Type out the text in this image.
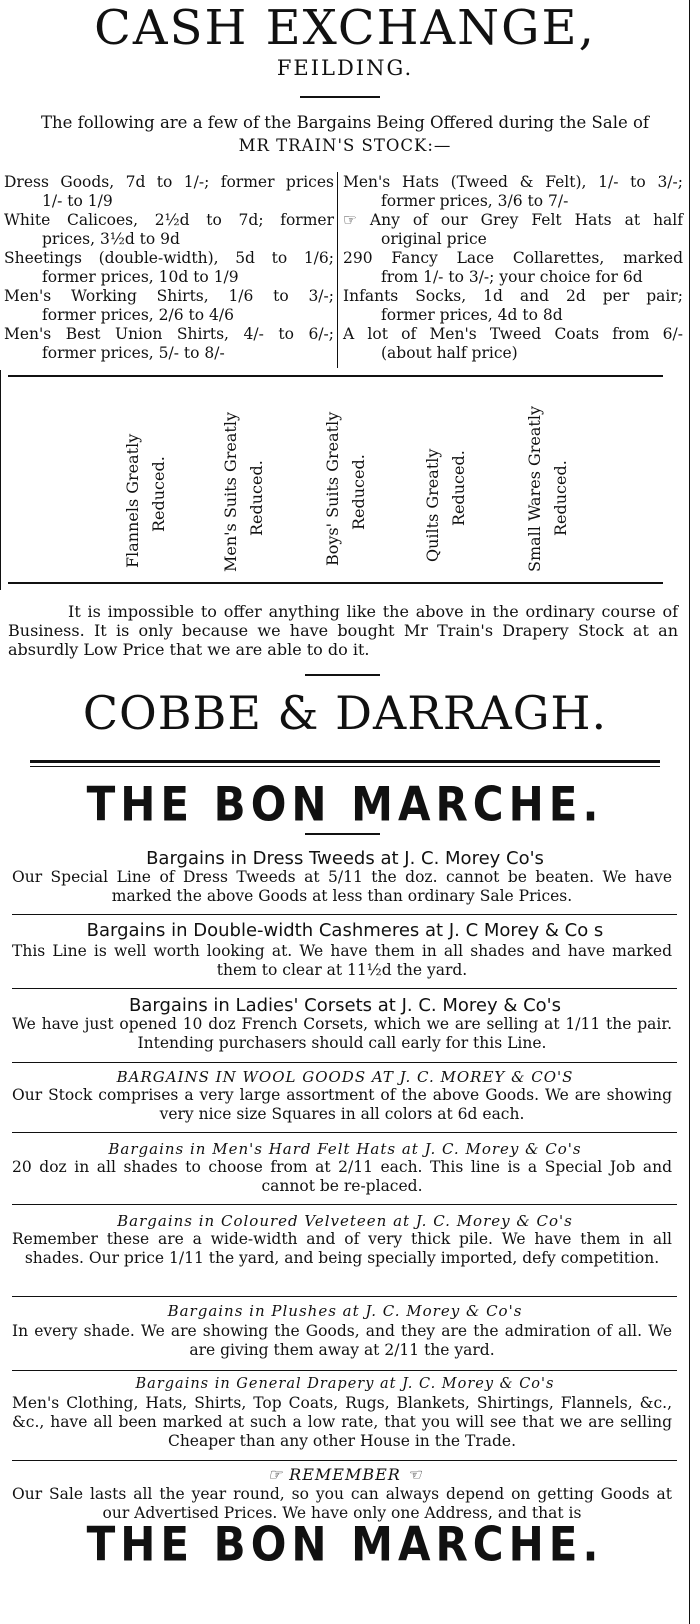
CASH EXCHANGE,
FEILDING.
The following are a few of the Bargains Being Offered during the Sale of
MR TRAIN'S STOCK:—
Dress Goods, 7d to 1/-; former prices
1/- to 1/9
White Calicoes, 2½d to 7d; former
prices, 3½d to 9d
Sheetings (double-width), 5d to 1/6;
former prices, 10d to 1/9
Men's Working Shirts, 1/6 to 3/-;
former prices, 2/6 to 4/6
Men's Best Union Shirts, 4/- to 6/-;
former prices, 5/- to 8/-
Men's Hats (Tweed & Felt), 1/- to 3/-;
former prices, 3/6 to 7/-
☞ Any of our Grey Felt Hats at half
original price
290 Fancy Lace Collarettes, marked
from 1/- to 3/-; your choice for 6d
Infants Socks, 1d and 2d per pair;
former prices, 4d to 8d
A lot of Men's Tweed Coats from 6/-
(about half price)
Flannels Greatly Reduced.	Men's Suits Greatly Reduced.	Boys' Suits Greatly Reduced.	Quilts Greatly Reduced.	Small Wares Greatly Reduced.
It is impossible to offer anything like the above in the ordinary course of Business. It is only because we have bought Mr Train's Drapery Stock at an absurdly Low Price that we are able to do it.
COBBE & DARRAGH.
THE BON MARCHE.
Bargains in Dress Tweeds at J. C. Morey Co's
Our Special Line of Dress Tweeds at 5/11 the doz. cannot be beaten. We have marked the above Goods at less than ordinary Sale Prices.
Bargains in Double-width Cashmeres at J. C Morey & Co s
This Line is well worth looking at. We have them in all shades and have marked them to clear at 11½d the yard.
Bargains in Ladies' Corsets at J. C. Morey & Co's
We have just opened 10 doz French Corsets, which we are selling at 1/11 the pair. Intending purchasers should call early for this Line.
BARGAINS IN WOOL GOODS AT J. C. MOREY & CO'S
Our Stock comprises a very large assortment of the above Goods. We are showing very nice size Squares in all colors at 6d each.
Bargains in Men's Hard Felt Hats at J. C. Morey & Co's
20 doz in all shades to choose from at 2/11 each. This line is a Special Job and cannot be re-placed.
Bargains in Coloured Velveteen at J. C. Morey & Co's
Remember these are a wide-width and of very thick pile. We have them in all shades. Our price 1/11 the yard, and being specially imported, defy competition.
Bargains in Plushes at J. C. Morey & Co's
In every shade. We are showing the Goods, and they are the admiration of all. We are giving them away at 2/11 the yard.
Bargains in General Drapery at J. C. Morey & Co's
Men's Clothing, Hats, Shirts, Top Coats, Rugs, Blankets, Shirtings, Flannels, &c., &c., have all been marked at such a low rate, that you will see that we are selling Cheaper than any other House in the Trade.
☞ REMEMBER ☜
Our Sale lasts all the year round, so you can always depend on getting Goods at our Advertised Prices. We have only one Address, and that is
THE BON MARCHE.
